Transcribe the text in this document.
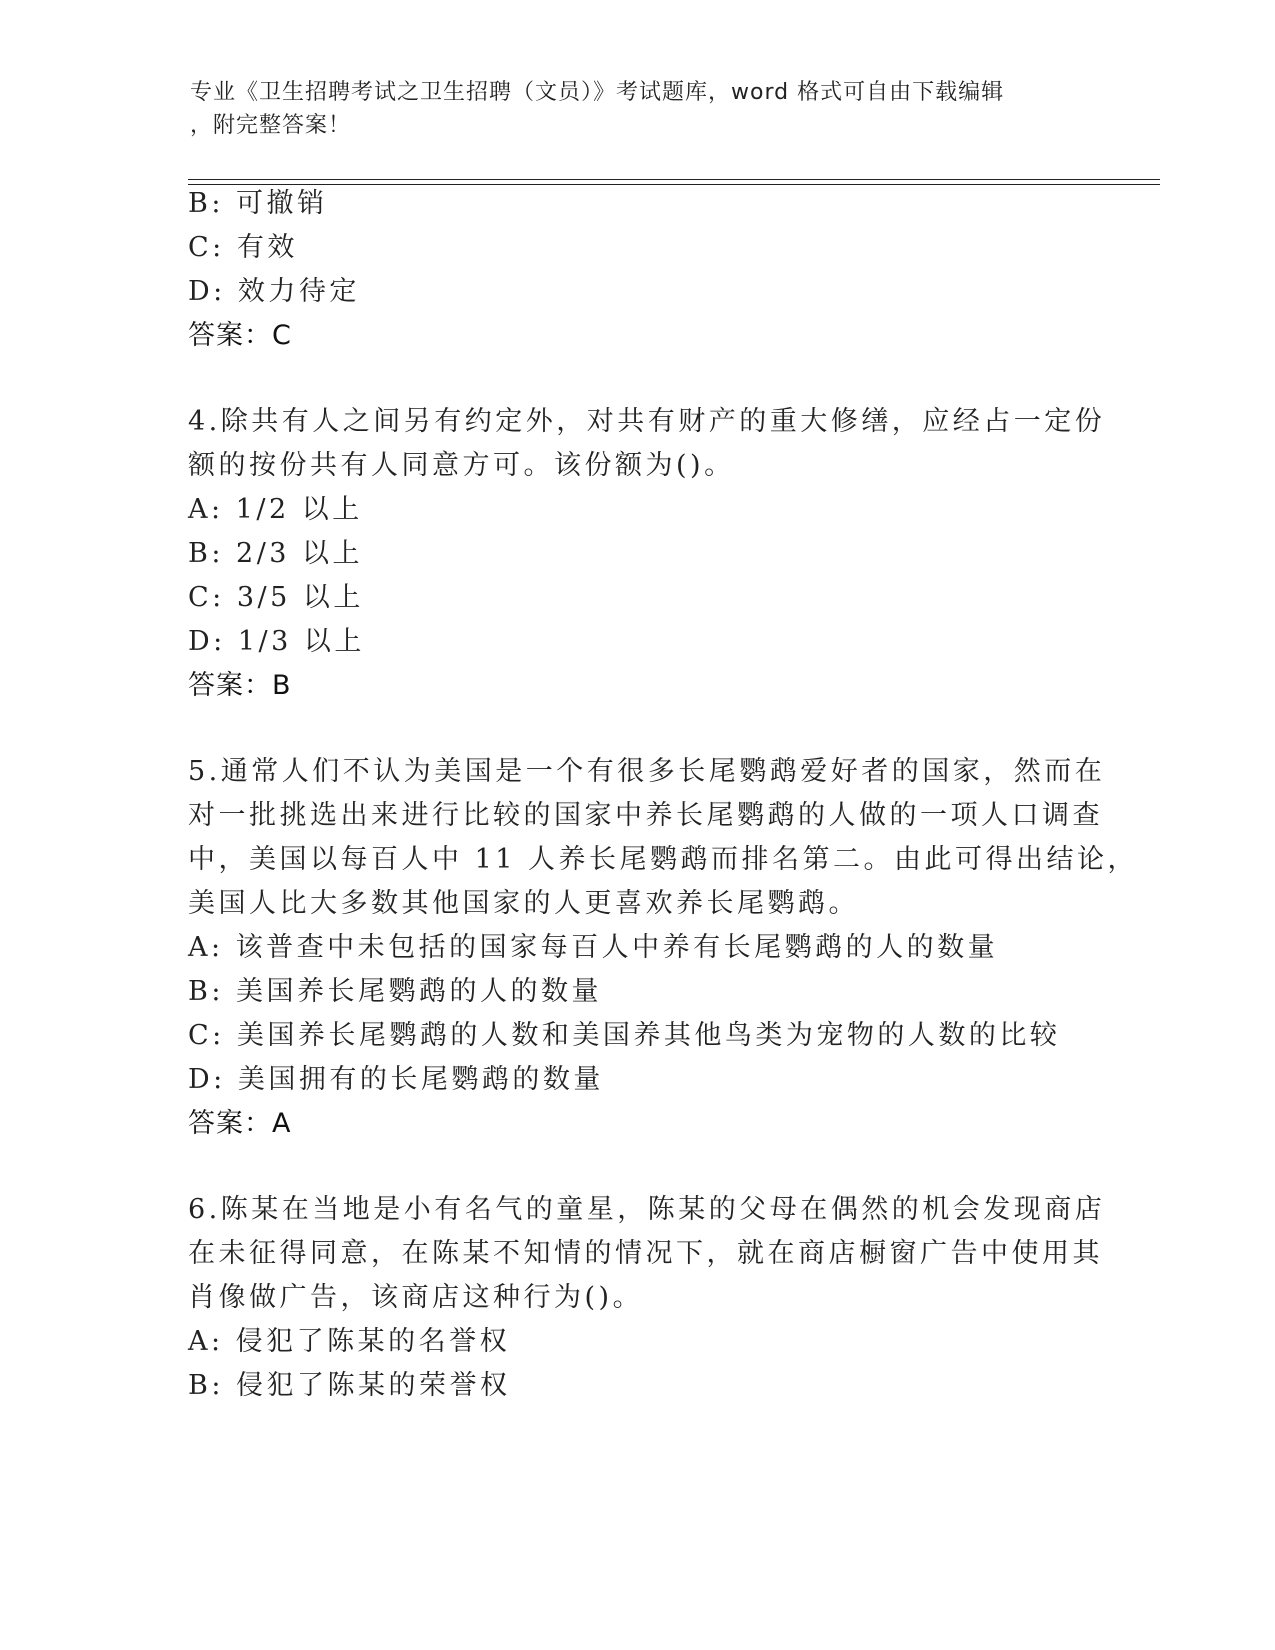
专业《卫生招聘考试之卫生招聘（文员）》考试题库，word 格式可自由下载编辑
，附完整答案！
B: 可撤销
C: 有效
D: 效力待定
答案：C
4.除共有人之间另有约定外，对共有财产的重大修缮，应经占一定份
额的按份共有人同意方可。该份额为()。
A: 1/2 以上
B: 2/3 以上
C: 3/5 以上
D: 1/3 以上
答案：B
5.通常人们不认为美国是一个有很多长尾鹦鹉爱好者的国家，然而在
对一批挑选出来进行比较的国家中养长尾鹦鹉的人做的一项人口调查
中，美国以每百人中 11 人养长尾鹦鹉而排名第二。由此可得出结论，
美国人比大多数其他国家的人更喜欢养长尾鹦鹉。
A: 该普查中未包括的国家每百人中养有长尾鹦鹉的人的数量
B: 美国养长尾鹦鹉的人的数量
C: 美国养长尾鹦鹉的人数和美国养其他鸟类为宠物的人数的比较
D: 美国拥有的长尾鹦鹉的数量
答案：A
6.陈某在当地是小有名气的童星，陈某的父母在偶然的机会发现商店
在未征得同意，在陈某不知情的情况下，就在商店橱窗广告中使用其
肖像做广告，该商店这种行为()。
A: 侵犯了陈某的名誉权
B: 侵犯了陈某的荣誉权
